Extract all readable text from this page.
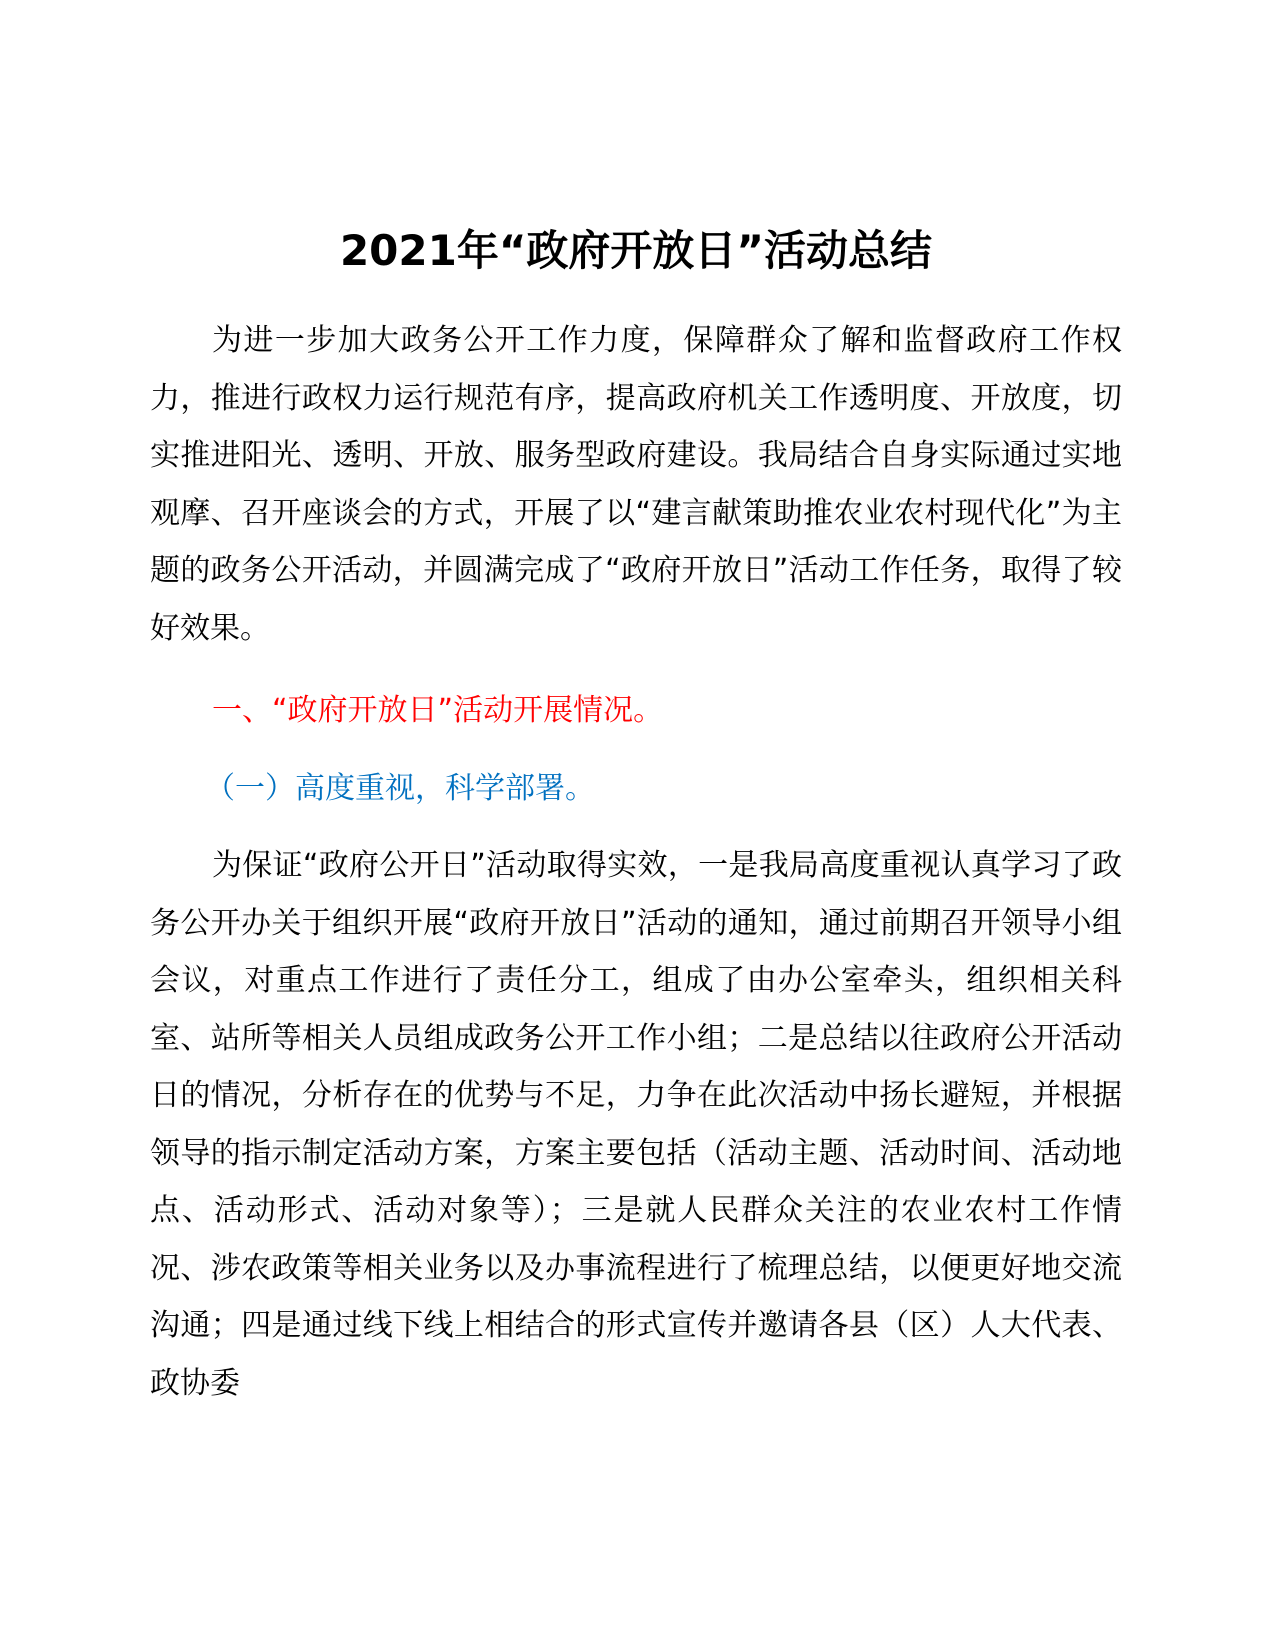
2021年“政府开放日”活动总结

为进一步加大政务公开工作力度，保障群众了解和监督政府工作权力，推进行政权力运行规范有序，提高政府机关工作透明度、开放度，切实推进阳光、透明、开放、服务型政府建设。我局结合自身实际通过实地观摩、召开座谈会的方式，开展了以“建言献策助推农业农村现代化”为主题的政务公开活动，并圆满完成了“政府开放日”活动工作任务，取得了较好效果。

一、“政府开放日”活动开展情况。

（一）高度重视，科学部署。

为保证“政府公开日”活动取得实效，一是我局高度重视认真学习了政务公开办关于组织开展“政府开放日”活动的通知，通过前期召开领导小组会议，对重点工作进行了责任分工，组成了由办公室牵头，组织相关科室、站所等相关人员组成政务公开工作小组；二是总结以往政府公开活动日的情况，分析存在的优势与不足，力争在此次活动中扬长避短，并根据领导的指示制定活动方案，方案主要包括（活动主题、活动时间、活动地点、活动形式、活动对象等）；三是就人民群众关注的农业农村工作情况、涉农政策等相关业务以及办事流程进行了梳理总结，以便更好地交流沟通；四是通过线下线上相结合的形式宣传并邀请各县（区）人大代表、政协委
